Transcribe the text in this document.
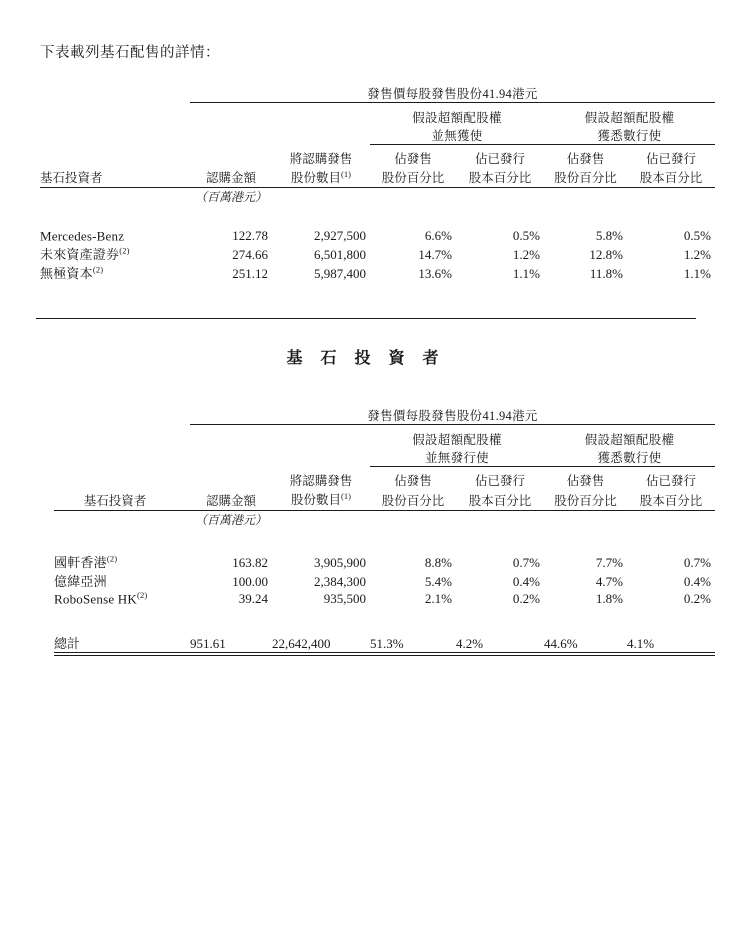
下表載列基石配售的詳情：

	發售價每股發售股份41.94港元					

			假設超額配股權		假設超額配股權	
			並無獲使		獲悉數行使	

		將認購發售	佔發售	佔已發行	佔發售	佔已發行
基石投資者	認購金額	股份數目$^{(1)}$	股份百分比	股本百分比	股份百分比	股本百分比

	（百萬港元）					

Mercedes-Benz	122.78	2,927,500	6.6%	0.5%	5.8%	0.5%
未來資產證券$^{(2)}$	274.66	6,501,800	14.7%	1.2%	12.8%	1.2%
無極資本$^{(2)}$	251.12	5,987,400	13.6%	1.1%	11.8%	1.1%
基 石 投 資 者
	發售價每股發售股份41.94港元					

			假設超額配股權		假設超額配股權	
			並無發行使		獲悉數行使	

		將認購發售	佔發售	佔已發行	佔發售	佔已發行
基石投資者	認購金額	股份數目$^{(1)}$	股份百分比	股本百分比	股份百分比	股本百分比

	（百萬港元）					

國軒香港$^{(2)}$	163.82	3,905,900	8.8%	0.7%	7.7%	0.7%
億緯亞洲	100.00	2,384,300	5.4%	0.4%	4.7%	0.4%
RoboSense HK$^{(2)}$	39.24	935,500	2.1%	0.2%	1.8%	0.2%

總計	951.61	22,642,400	51.3%	4.2%	44.6%	4.1%
